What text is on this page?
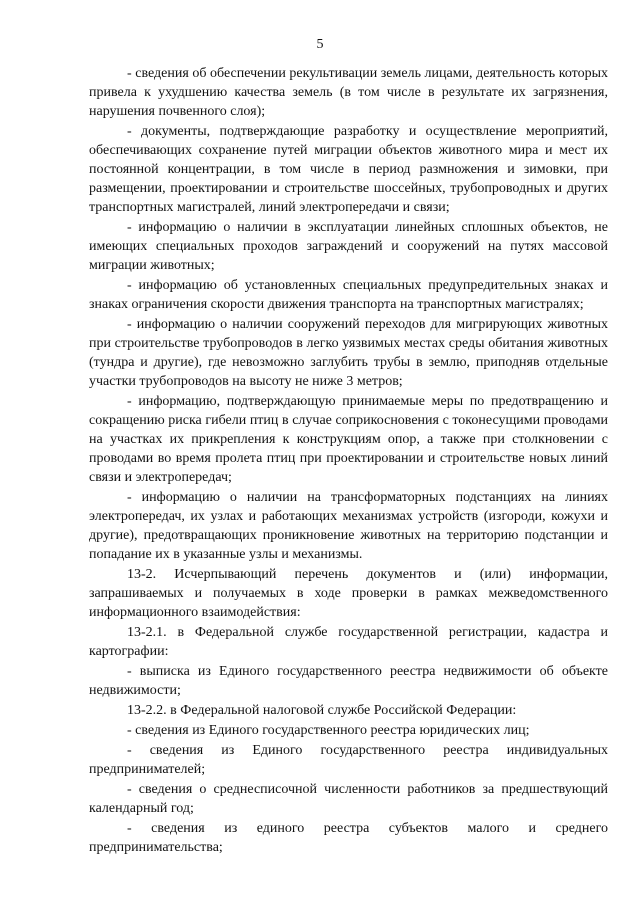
5

- сведения об обеспечении рекультивации земель лицами, деятельность которых привела к ухудшению качества земель (в том числе в результате их загрязнения, нарушения почвенного слоя);

- документы, подтверждающие разработку и осуществление мероприятий, обеспечивающих сохранение путей миграции объектов животного мира и мест их постоянной концентрации, в том числе в период размножения и зимовки, при размещении, проектировании и строительстве шоссейных, трубопроводных и других транспортных магистралей, линий электропередачи и связи;

- информацию о наличии в эксплуатации линейных сплошных объектов, не имеющих специальных проходов заграждений и сооружений на путях массовой миграции животных;

- информацию об установленных специальных предупредительных знаках и знаках ограничения скорости движения транспорта на транспортных магистралях;

- информацию о наличии сооружений переходов для мигрирующих животных при строительстве трубопроводов в легко уязвимых местах среды обитания животных (тундра и другие), где невозможно заглубить трубы в землю, приподняв отдельные участки трубопроводов на высоту не ниже 3 метров;

- информацию, подтверждающую принимаемые меры по предотвращению и сокращению риска гибели птиц в случае соприкосновения с токонесущими проводами на участках их прикрепления к конструкциям опор, а также при столкновении с проводами во время пролета птиц при проектировании и строительстве новых линий связи и электропередач;

- информацию о наличии на трансформаторных подстанциях на линиях электропередач, их узлах и работающих механизмах устройств (изгороди, кожухи и другие), предотвращающих проникновение животных на территорию подстанции и попадание их в указанные узлы и механизмы.

13-2. Исчерпывающий перечень документов и (или) информации, запрашиваемых и получаемых в ходе проверки в рамках межведомственного информационного взаимодействия:

13-2.1. в Федеральной службе государственной регистрации, кадастра и картографии:

- выписка из Единого государственного реестра недвижимости об объекте недвижимости;

13-2.2. в Федеральной налоговой службе Российской Федерации:

- сведения из Единого государственного реестра юридических лиц;

- сведения из Единого государственного реестра индивидуальных предпринимателей;

- сведения о среднесписочной численности работников за предшествующий календарный год;

- сведения из единого реестра субъектов малого и среднего предпринимательства;
